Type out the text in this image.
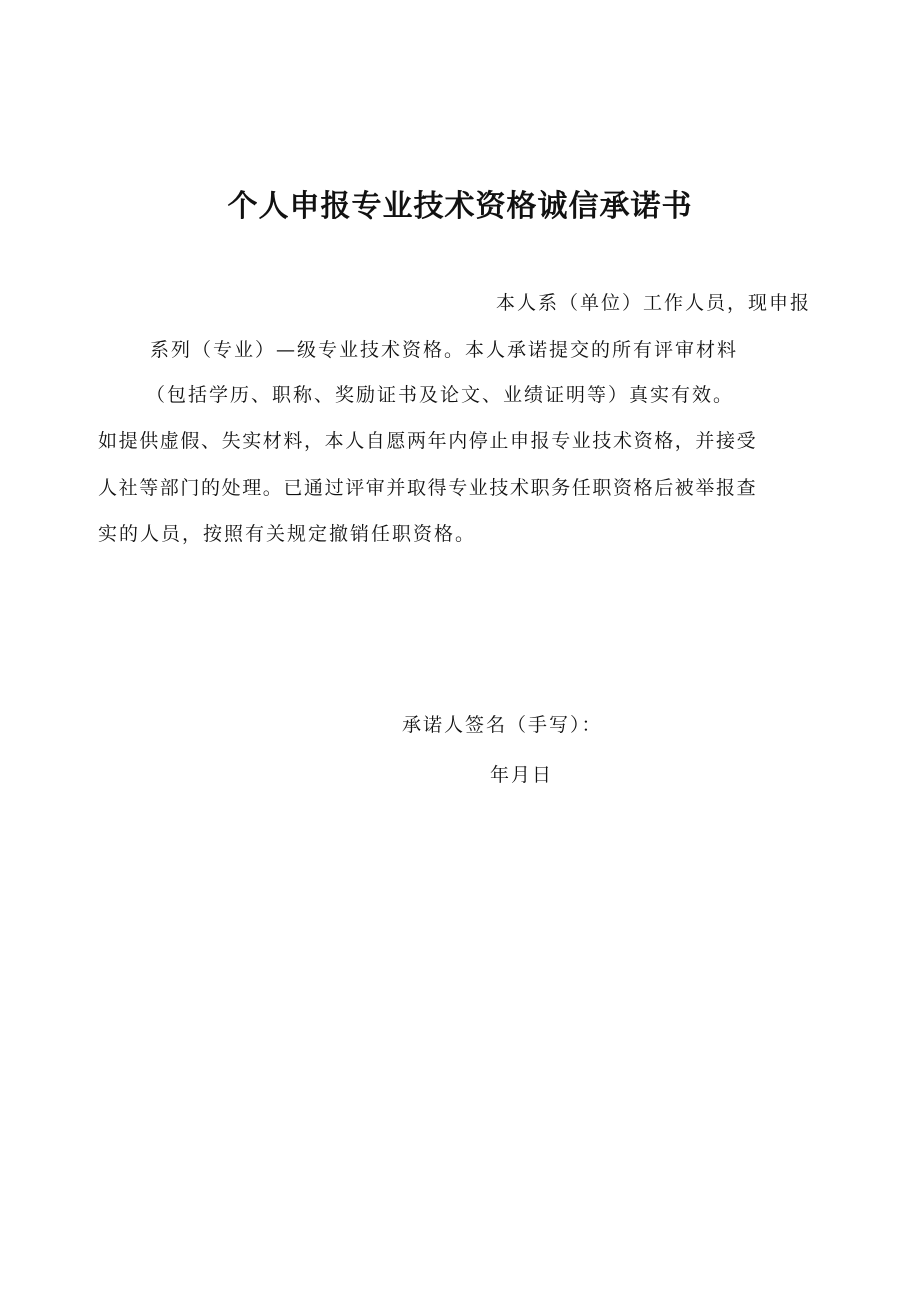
个人申报专业技术资格诚信承诺书
本人系（单位）工作人员，现申报
系列（专业）—级专业技术资格。本人承诺提交的所有评审材料
（包括学历、职称、奖励证书及论文、业绩证明等）真实有效。
如提供虚假、失实材料，本人自愿两年内停止申报专业技术资格，并接受
人社等部门的处理。已通过评审并取得专业技术职务任职资格后被举报查
实的人员，按照有关规定撤销任职资格。
承诺人签名（手写）：
年月日
